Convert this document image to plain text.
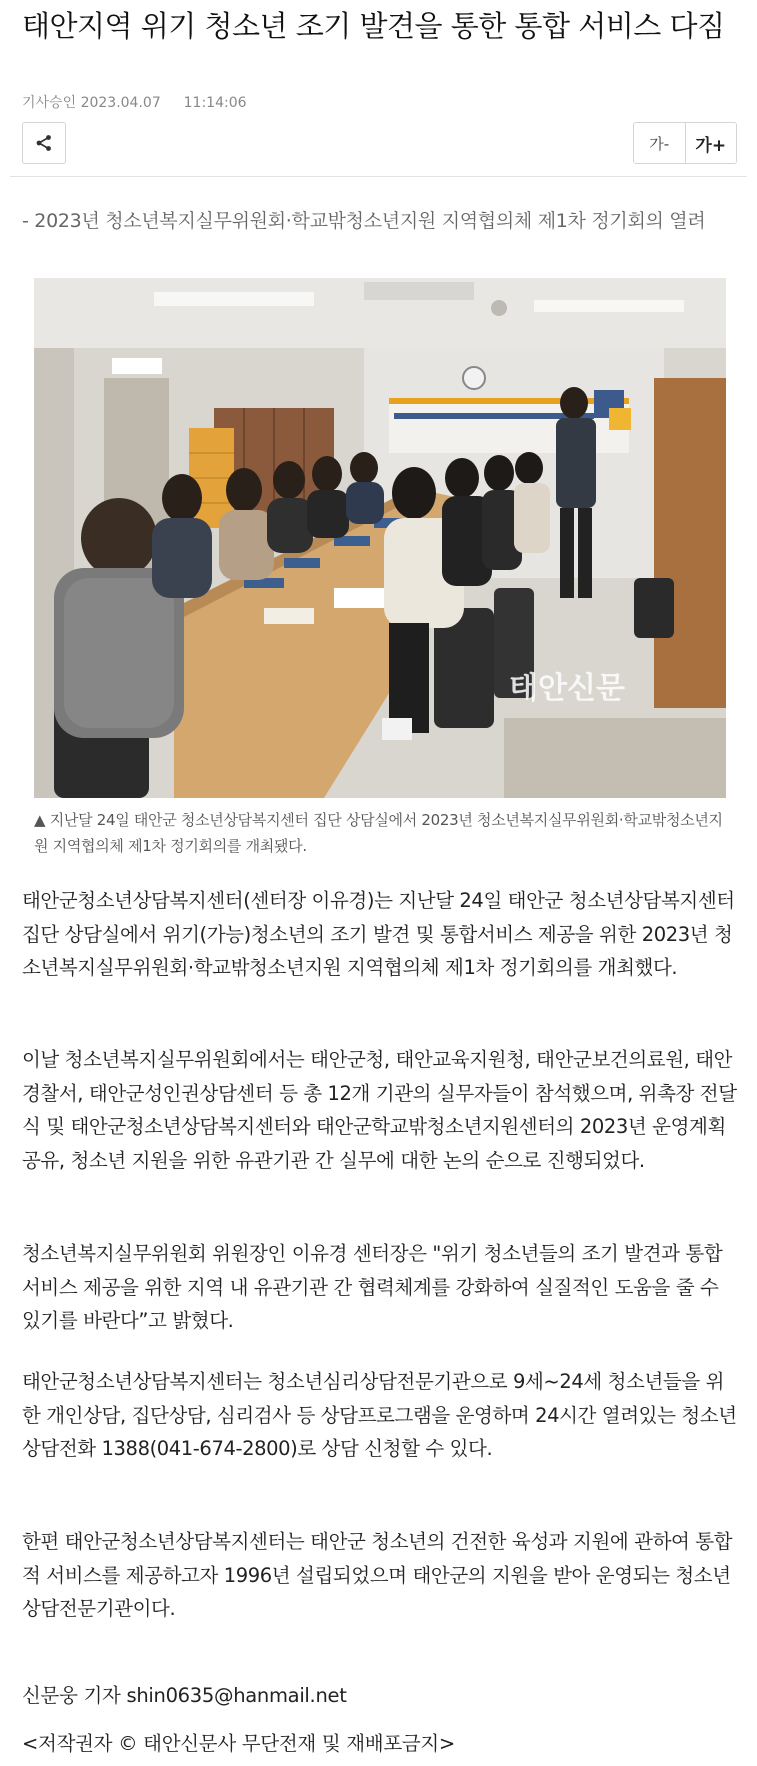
태안지역 위기 청소년 조기 발견을 통한 통합 서비스 다짐
기사승인 2023.04.07 11:14:06
가-	가+

- 2023년 청소년복지실무위원회·학교밖청소년지원 지역협의체 제1차 정기회의 열려

태안신문

▲ 지난달 24일 태안군 청소년상담복지센터 집단 상담실에서 2023년 청소년복지실무위원회·학교밖청소년지원 지역협의체 제1차 정기회의를 개최됐다.

태안군청소년상담복지센터(센터장 이유경)는 지난달 24일 태안군 청소년상담복지센터 집단 상담실에서 위기(가능)청소년의 조기 발견 및 통합서비스 제공을 위한 2023년 청소년복지실무위원회·학교밖청소년지원 지역협의체 제1차 정기회의를 개최했다.

이날 청소년복지실무위원회에서는 태안군청, 태안교육지원청, 태안군보건의료원, 태안경찰서, 태안군성인권상담센터 등 총 12개 기관의 실무자들이 참석했으며, 위촉장 전달식 및 태안군청소년상담복지센터와 태안군학교밖청소년지원센터의 2023년 운영계획 공유, 청소년 지원을 위한 유관기관 간 실무에 대한 논의 순으로 진행되었다.

청소년복지실무위원회 위원장인 이유경 센터장은 "위기 청소년들의 조기 발견과 통합서비스 제공을 위한 지역 내 유관기관 간 협력체계를 강화하여 실질적인 도움을 줄 수 있기를 바란다”고 밝혔다.

태안군청소년상담복지센터는 청소년심리상담전문기관으로 9세~24세 청소년들을 위한 개인상담, 집단상담, 심리검사 등 상담프로그램을 운영하며 24시간 열려있는 청소년상담전화 1388(041-674-2800)로 상담 신청할 수 있다.

한편 태안군청소년상담복지센터는 태안군 청소년의 건전한 육성과 지원에 관하여 통합적 서비스를 제공하고자 1996년 설립되었으며 태안군의 지원을 받아 운영되는 청소년상담전문기관이다.

신문웅 기자 shin0635@hanmail.net

<저작권자 © 태안신문사 무단전재 및 재배포금지>
